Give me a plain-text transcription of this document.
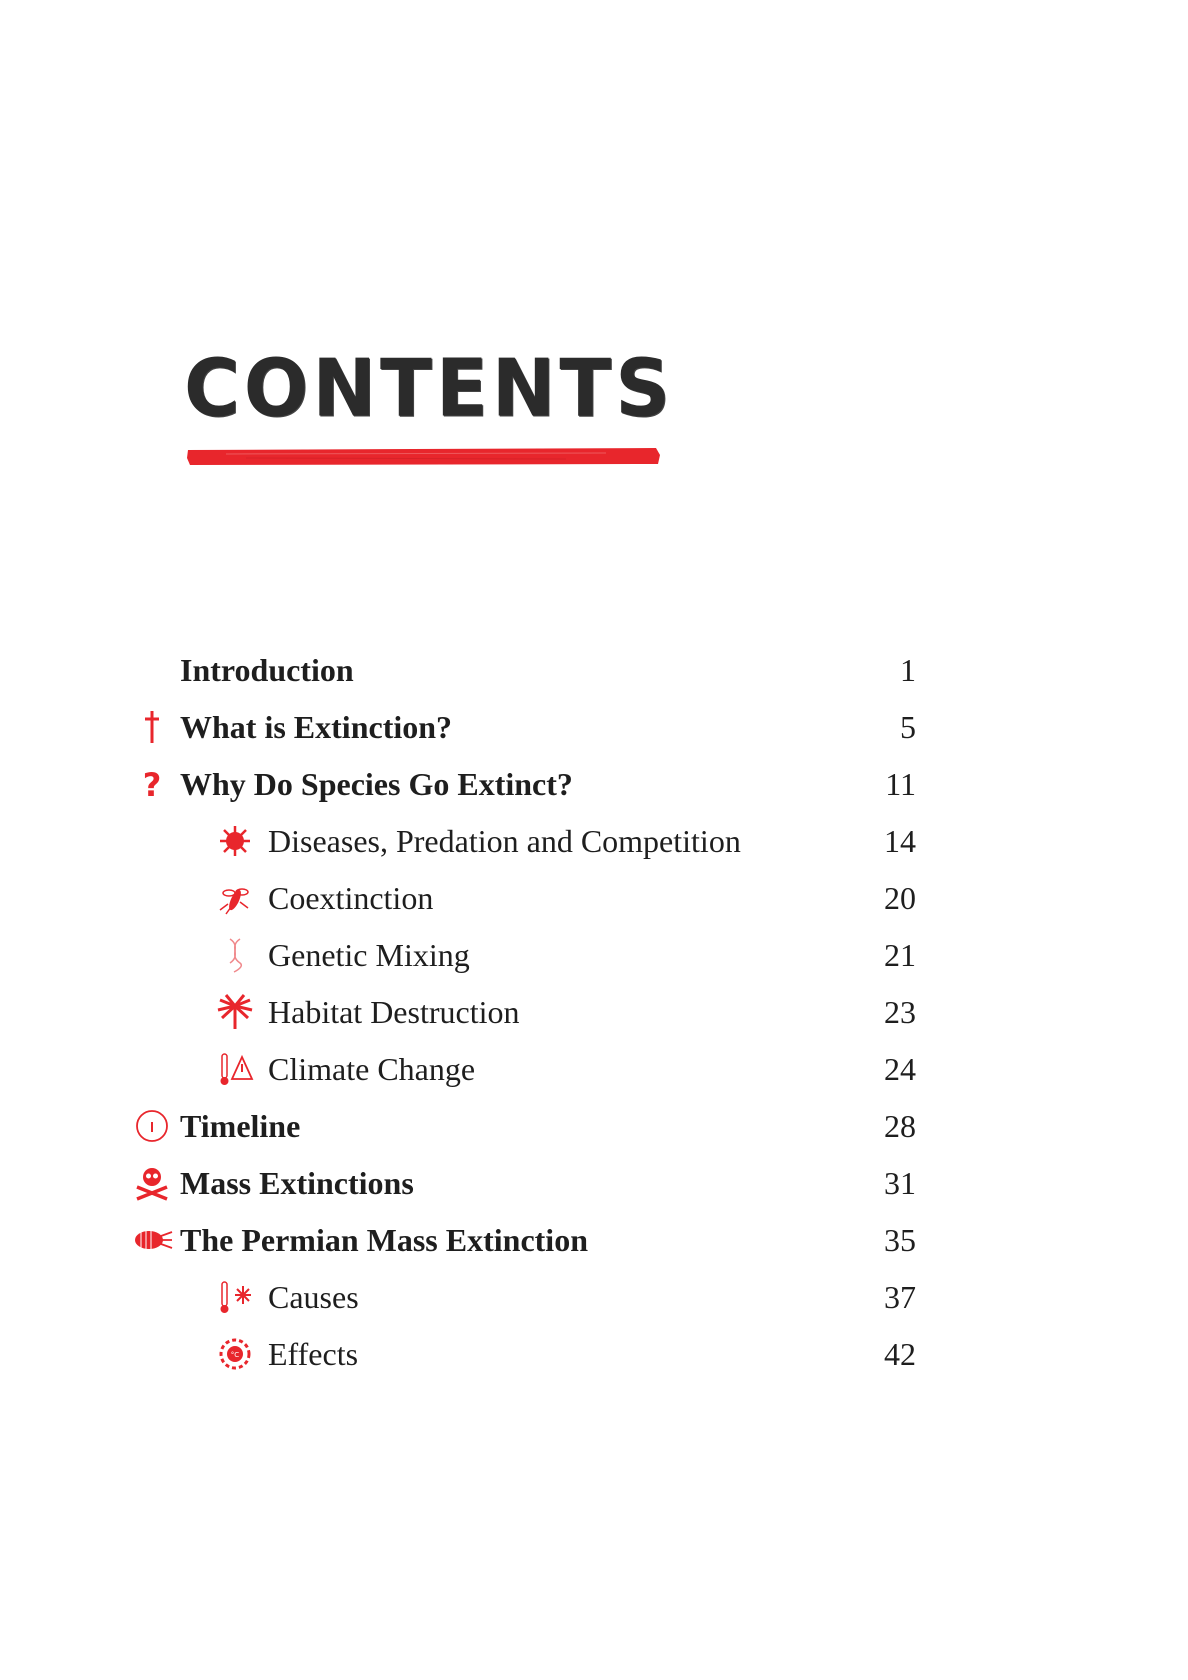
CONTENTS
Introduction	1
What is Extinction?	5
? Why Do Species Go Extinct?	11
Diseases, Predation and Competition	14
Coextinction	20
Genetic Mixing	21
Habitat Destruction	23
Climate Change	24
Timeline	28
Mass Extinctions	31
The Permian Mass Extinction	35
Causes	37
°C Effects	42
